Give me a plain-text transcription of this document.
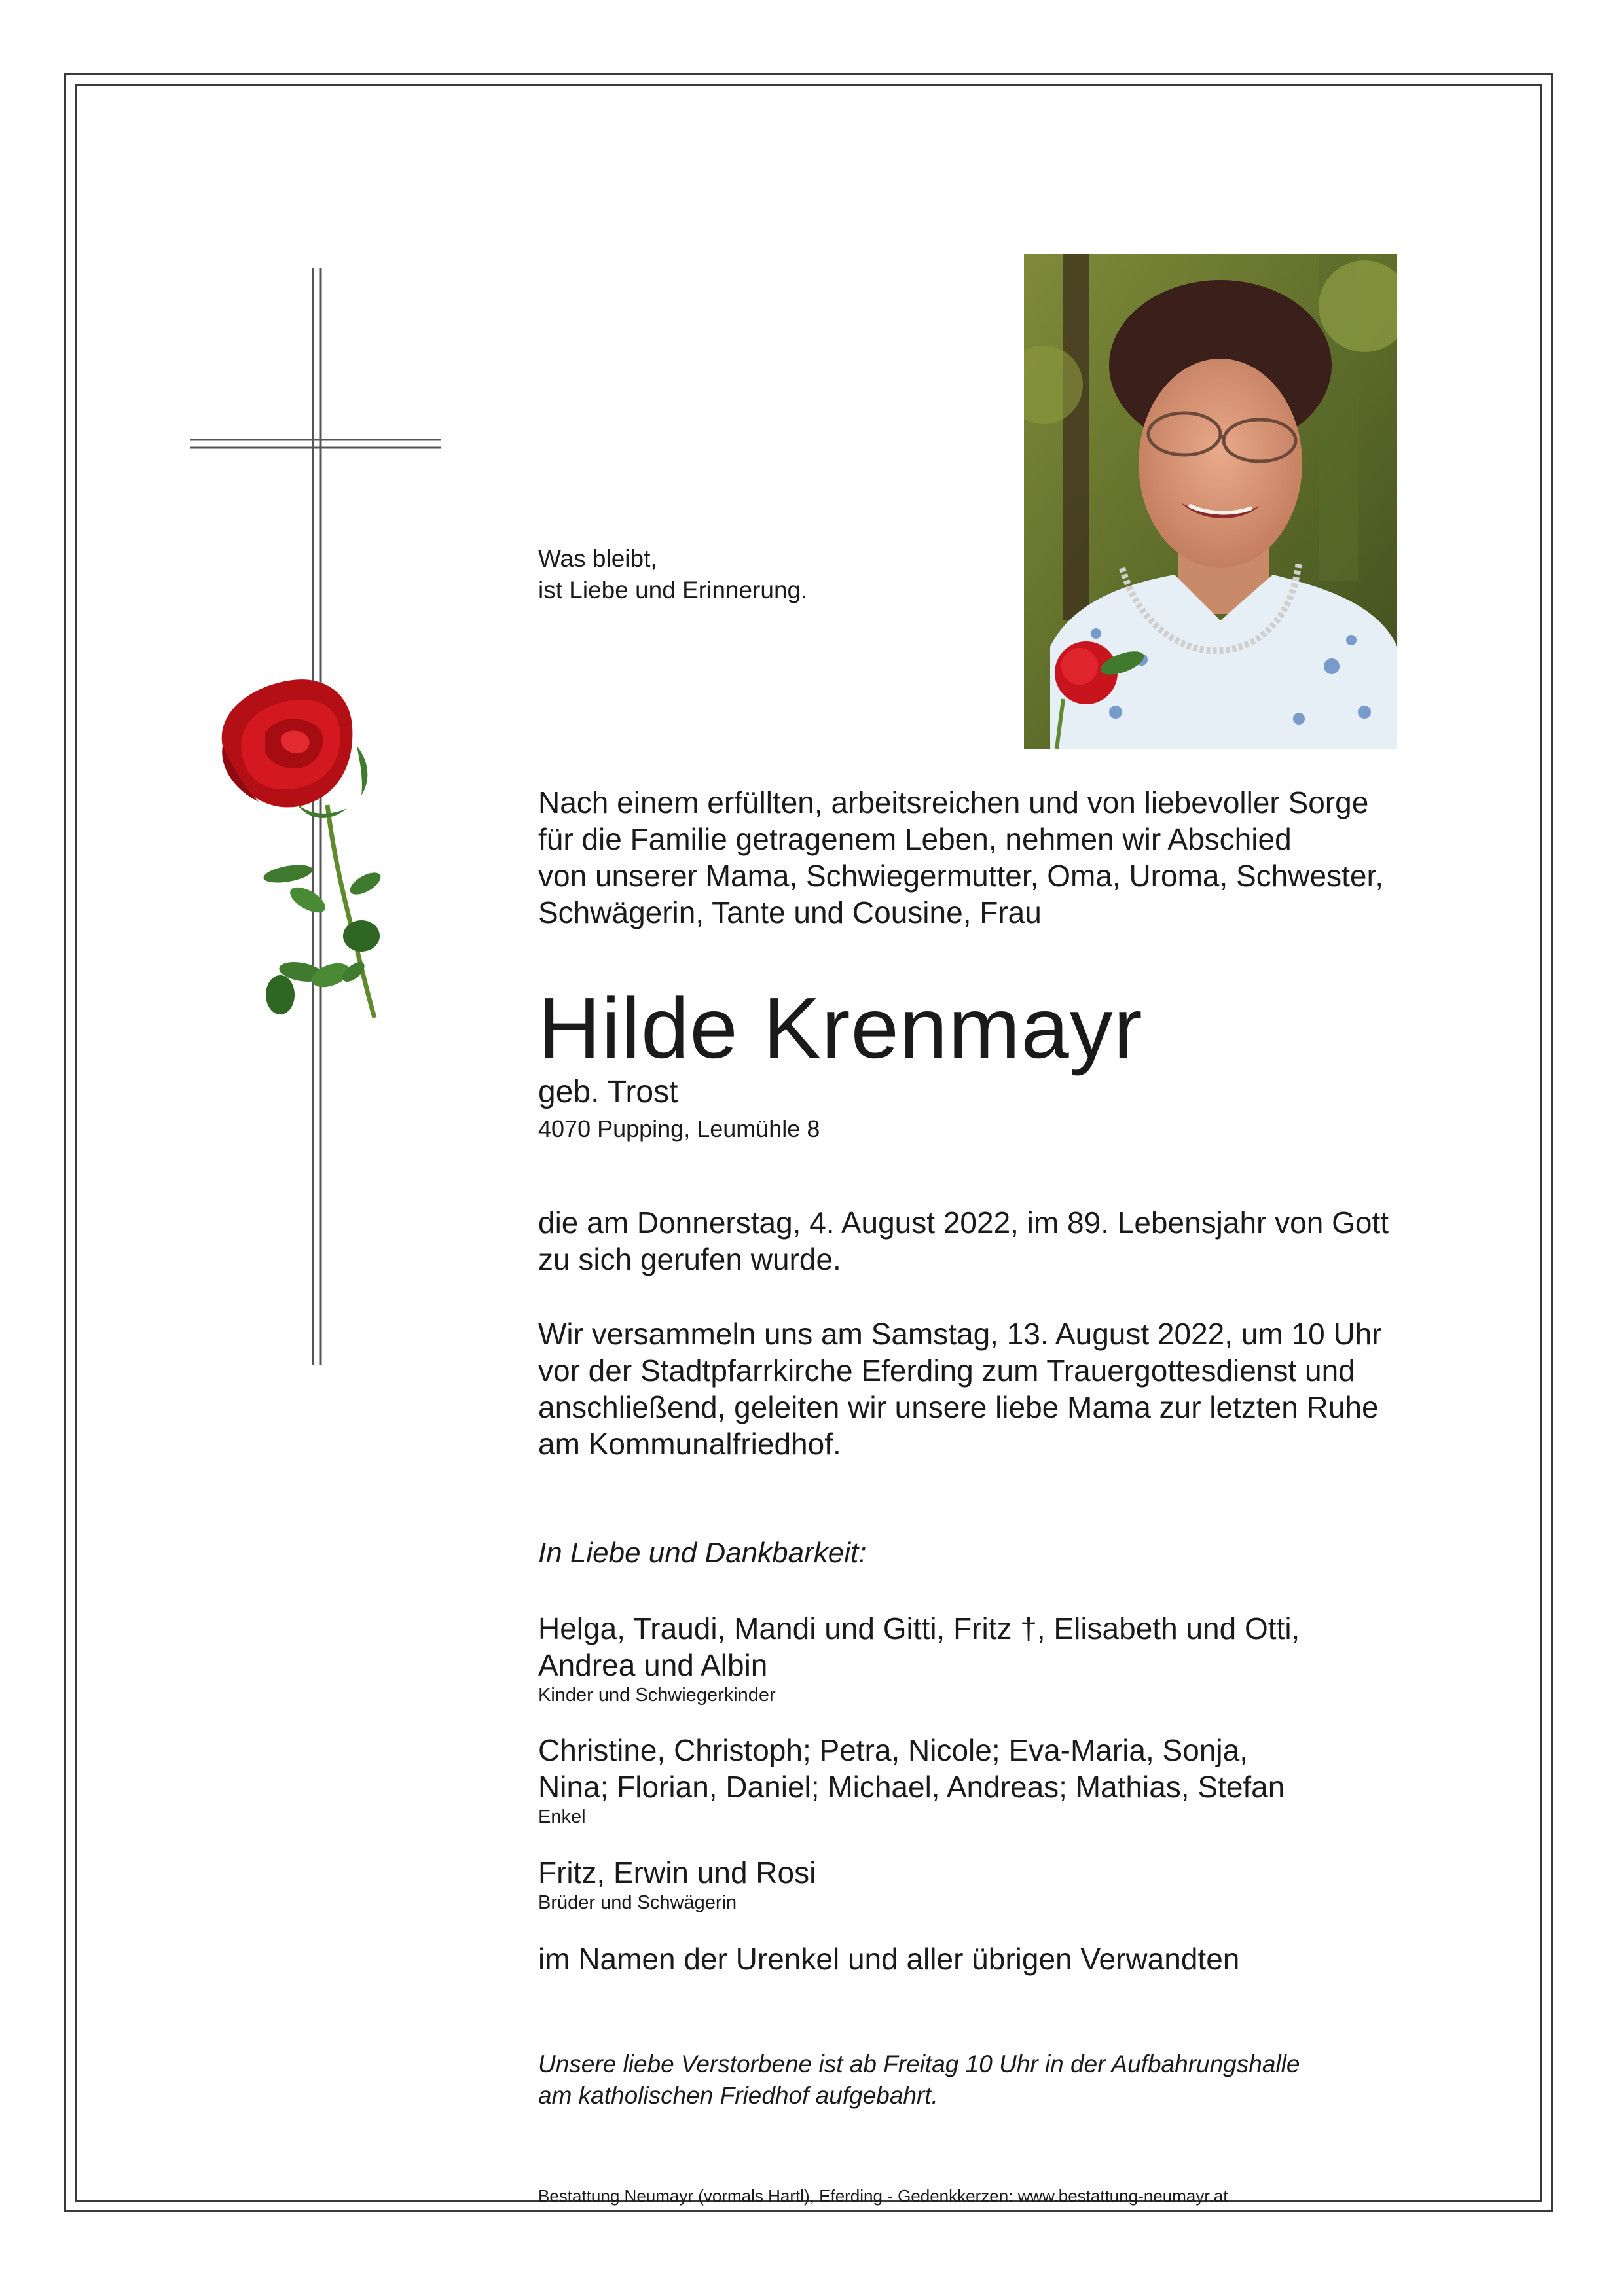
Was bleibt,
ist Liebe und Erinnerung.
Nach einem erfüllten, arbeitsreichen und von liebevoller Sorge
für die Familie getragenem Leben, nehmen wir Abschied
von unserer Mama, Schwiegermutter, Oma, Uroma, Schwester,
Schwägerin, Tante und Cousine, Frau
Hilde Krenmayr
geb. Trost
4070 Pupping, Leumühle 8
die am Donnerstag, 4. August 2022, im 89. Lebensjahr von Gott
zu sich gerufen wurde.
Wir versammeln uns am Samstag, 13. August 2022, um 10 Uhr
vor der Stadtpfarrkirche Eferding zum Trauergottesdienst und
anschließend, geleiten wir unsere liebe Mama zur letzten Ruhe
am Kommunalfriedhof.
In Liebe und Dankbarkeit:
Helga, Traudi, Mandi und Gitti, Fritz †, Elisabeth und Otti,
Andrea und Albin
Kinder und Schwiegerkinder
Christine, Christoph; Petra, Nicole; Eva-Maria, Sonja,
Nina; Florian, Daniel; Michael, Andreas; Mathias, Stefan
Enkel
Fritz, Erwin und Rosi
Brüder und Schwägerin
im Namen der Urenkel und aller übrigen Verwandten
Unsere liebe Verstorbene ist ab Freitag 10 Uhr in der Aufbahrungshalle
am katholischen Friedhof aufgebahrt.
Bestattung Neumayr (vormals Hartl), Eferding - Gedenkkerzen: www.bestattung-neumayr.at
